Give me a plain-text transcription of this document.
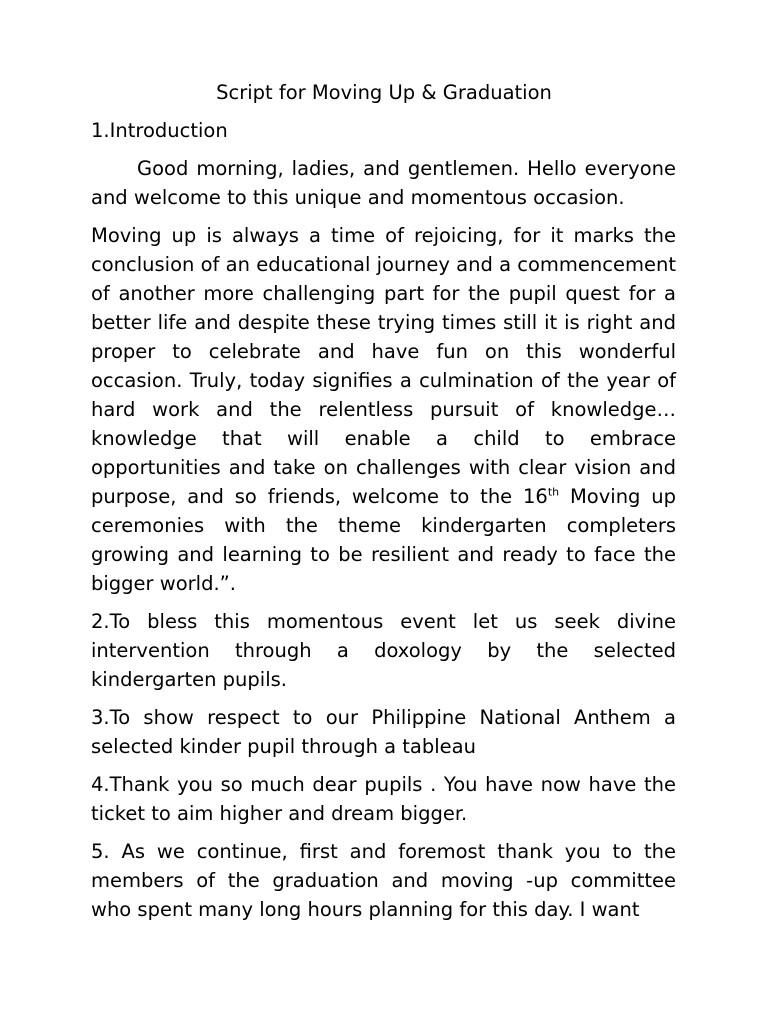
Script for Moving Up & Graduation

1.Introduction

Good morning, ladies, and gentlemen. Hello everyone and welcome to this unique and momentous occasion.

Moving up is always a time of rejoicing, for it marks the conclusion of an educational journey and a commencement of another more challenging part for the pupil quest for a better life and despite these trying times still it is right and proper to celebrate and have fun on this wonderful occasion. Truly, today signifies a culmination of the year of hard work and the relentless pursuit of knowledge… knowledge that will enable a child to embrace opportunities and take on challenges with clear vision and purpose, and so friends, welcome to the 16th Moving up ceremonies with the theme kindergarten completers growing and learning to be resilient and ready to face the bigger world.”.

2.To bless this momentous event let us seek divine intervention through a doxology by the selected kindergarten pupils.

3.To show respect to our Philippine National Anthem a selected kinder pupil through a tableau

4.Thank you so much dear pupils . You have now have the ticket to aim higher and dream bigger.

5. As we continue, first and foremost thank you to the members of the graduation and moving -up committee who spent many long hours planning for this day. I want
